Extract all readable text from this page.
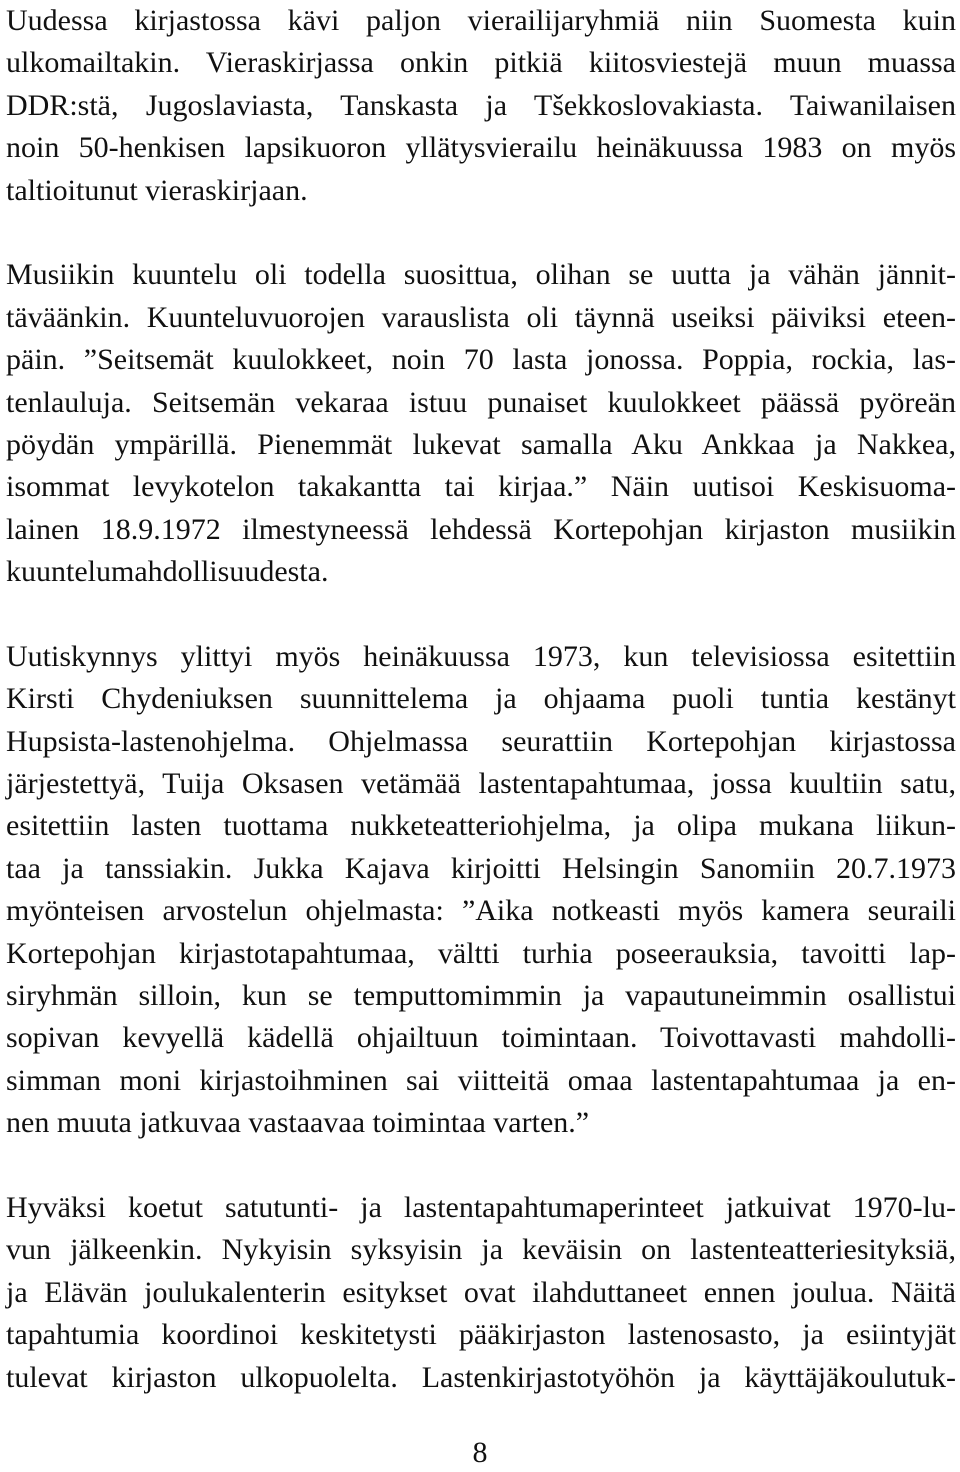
Uudessa kirjastossa kävi paljon vierailijaryhmiä niin Suomesta kuin
ulkomailtakin. Vieraskirjassa onkin pitkiä kiitosviestejä muun muassa
DDR:stä, Jugoslaviasta, Tanskasta ja Tšekkoslovakiasta. Taiwanilaisen
noin 50-henkisen lapsikuoron yllätysvierailu heinäkuussa 1983 on myös
taltioitunut vieraskirjaan.
Musiikin kuuntelu oli todella suosittua, olihan se uutta ja vähän jännit-
täväänkin. Kuunteluvuorojen varauslista oli täynnä useiksi päiviksi eteen-
päin. ”Seitsemät kuulokkeet, noin 70 lasta jonossa. Poppia, rockia, las-
tenlauluja. Seitsemän vekaraa istuu punaiset kuulokkeet päässä pyöreän
pöydän ympärillä. Pienemmät lukevat samalla Aku Ankkaa ja Nakkea,
isommat levykotelon takakantta tai kirjaa.” Näin uutisoi Keskisuoma-
lainen 18.9.1972 ilmestyneessä lehdessä Kortepohjan kirjaston musiikin
kuuntelumahdollisuudesta.
Uutiskynnys ylittyi myös heinäkuussa 1973, kun televisiossa esitettiin
Kirsti Chydeniuksen suunnittelema ja ohjaama puoli tuntia kestänyt
Hupsista-lastenohjelma. Ohjelmassa seurattiin Kortepohjan kirjastossa
järjestettyä, Tuija Oksasen vetämää lastentapahtumaa, jossa kuultiin satu,
esitettiin lasten tuottama nukketeatteriohjelma, ja olipa mukana liikun-
taa ja tanssiakin. Jukka Kajava kirjoitti Helsingin Sanomiin 20.7.1973
myönteisen arvostelun ohjelmasta: ”Aika notkeasti myös kamera seuraili
Kortepohjan kirjastotapahtumaa, vältti turhia poseerauksia, tavoitti lap-
siryhmän silloin, kun se temputtomimmin ja vapautuneimmin osallistui
sopivan kevyellä kädellä ohjailtuun toimintaan. Toivottavasti mahdolli-
simman moni kirjastoihminen sai viitteitä omaa lastentapahtumaa ja en-
nen muuta jatkuvaa vastaavaa toimintaa varten.”
Hyväksi koetut satutunti- ja lastentapahtumaperinteet jatkuivat 1970-lu-
vun jälkeenkin. Nykyisin syksyisin ja keväisin on lastenteatteriesityksiä,
ja Elävän joulukalenterin esitykset ovat ilahduttaneet ennen joulua. Näitä
tapahtumia koordinoi keskitetysti pääkirjaston lastenosasto, ja esiintyjät
tulevat kirjaston ulkopuolelta. Lastenkirjastotyöhön ja käyttäjäkoulutuk-
8
